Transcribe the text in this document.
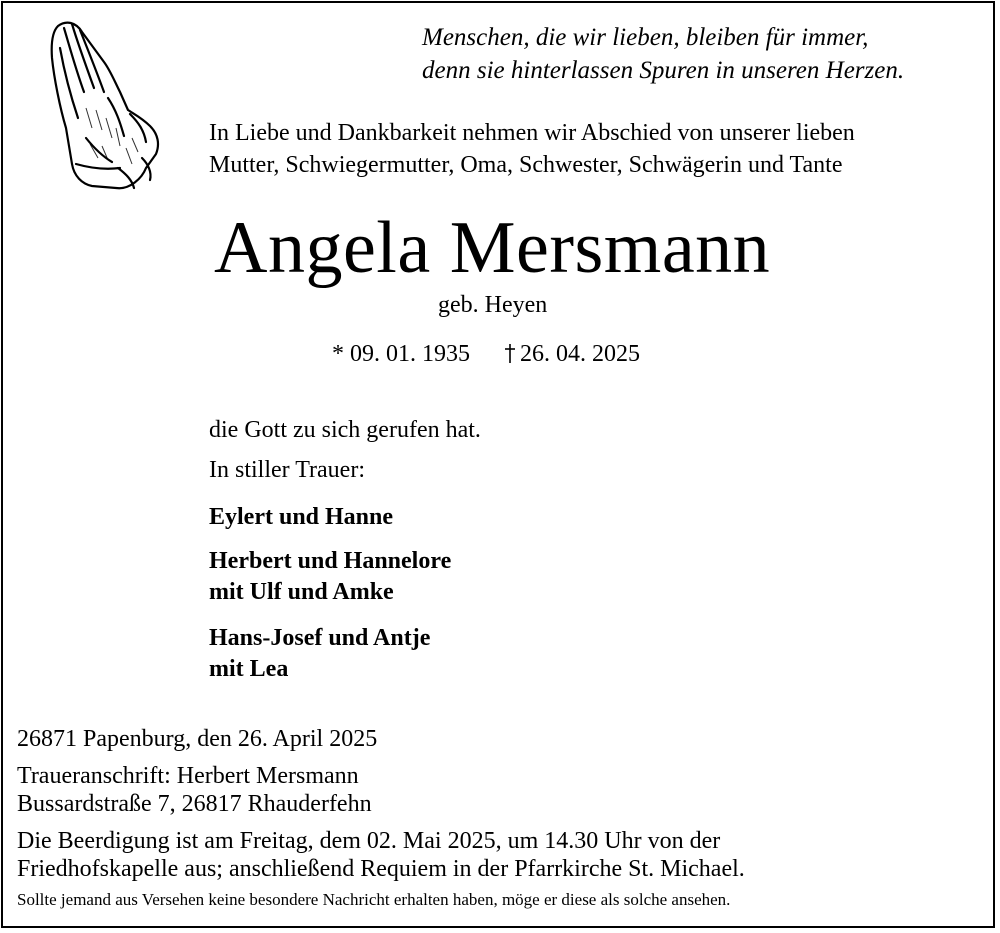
Menschen, die wir lieben, bleiben für immer,
denn sie hinterlassen Spuren in unseren Herzen.
In Liebe und Dankbarkeit nehmen wir Abschied von unserer lieben
Mutter, Schwiegermutter, Oma, Schwester, Schwägerin und Tante
Angela Mersmann
geb. Heyen
* 09. 01. 1935 26. 04. 2025
die Gott zu sich gerufen hat.
In stiller Trauer:
Eylert und Hanne
Herbert und Hannelore
mit Ulf und Amke
Hans-Josef und Antje
mit Lea
26871 Papenburg, den 26. April 2025
Traueranschrift: Herbert Mersmann
Bussardstraße 7, 26817 Rhauderfehn
Die Beerdigung ist am Freitag, dem 02. Mai 2025, um 14.30 Uhr von der
Friedhofskapelle aus; anschließend Requiem in der Pfarrkirche St. Michael.
Sollte jemand aus Versehen keine besondere Nachricht erhalten haben, möge er diese als solche ansehen.
